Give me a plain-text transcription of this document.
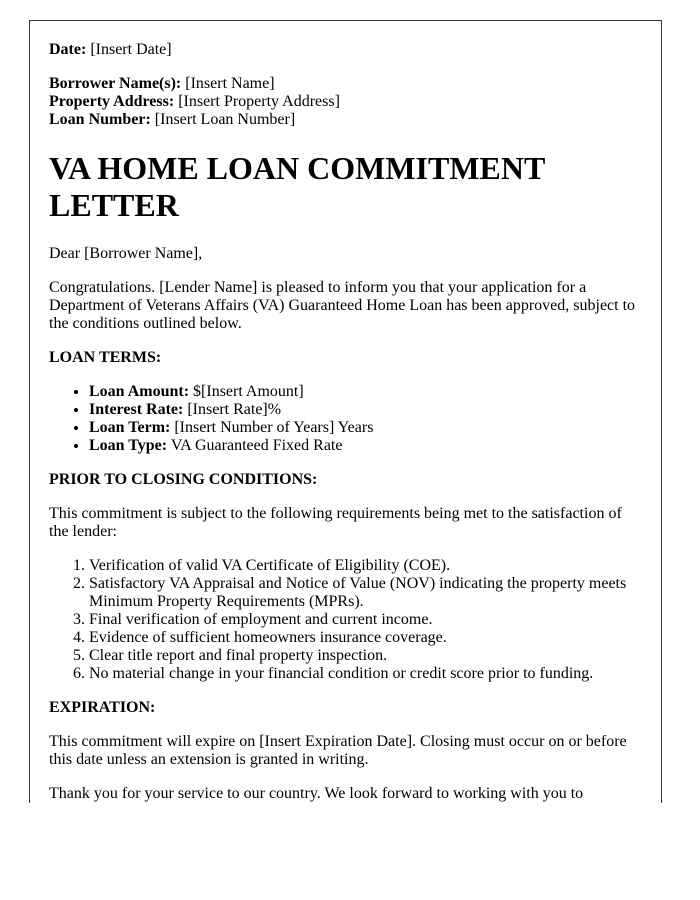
Date: [Insert Date]

Borrower Name(s): [Insert Name]
Property Address: [Insert Property Address]
Loan Number: [Insert Loan Number]

VA HOME LOAN COMMITMENT LETTER

Dear [Borrower Name],

Congratulations. [Lender Name] is pleased to inform you that your application for a Department of Veterans Affairs (VA) Guaranteed Home Loan has been approved, subject to the conditions outlined below.

LOAN TERMS:
• Loan Amount: $[Insert Amount]
• Interest Rate: [Insert Rate]%
• Loan Term: [Insert Number of Years] Years
• Loan Type: VA Guaranteed Fixed Rate
PRIOR TO CLOSING CONDITIONS:

This commitment is subject to the following requirements being met to the satisfaction of the lender:

1. Verification of valid VA Certificate of Eligibility (COE).
2. Satisfactory VA Appraisal and Notice of Value (NOV) indicating the property meets Minimum Property Requirements (MPRs).
3. Final verification of employment and current income.
4. Evidence of sufficient homeowners insurance coverage.
5. Clear title report and final property inspection.
6. No material change in your financial condition or credit score prior to funding.
EXPIRATION:

This commitment will expire on [Insert Expiration Date]. Closing must occur on or before this date unless an extension is granted in writing.

Thank you for your service to our country. We look forward to working with you to
